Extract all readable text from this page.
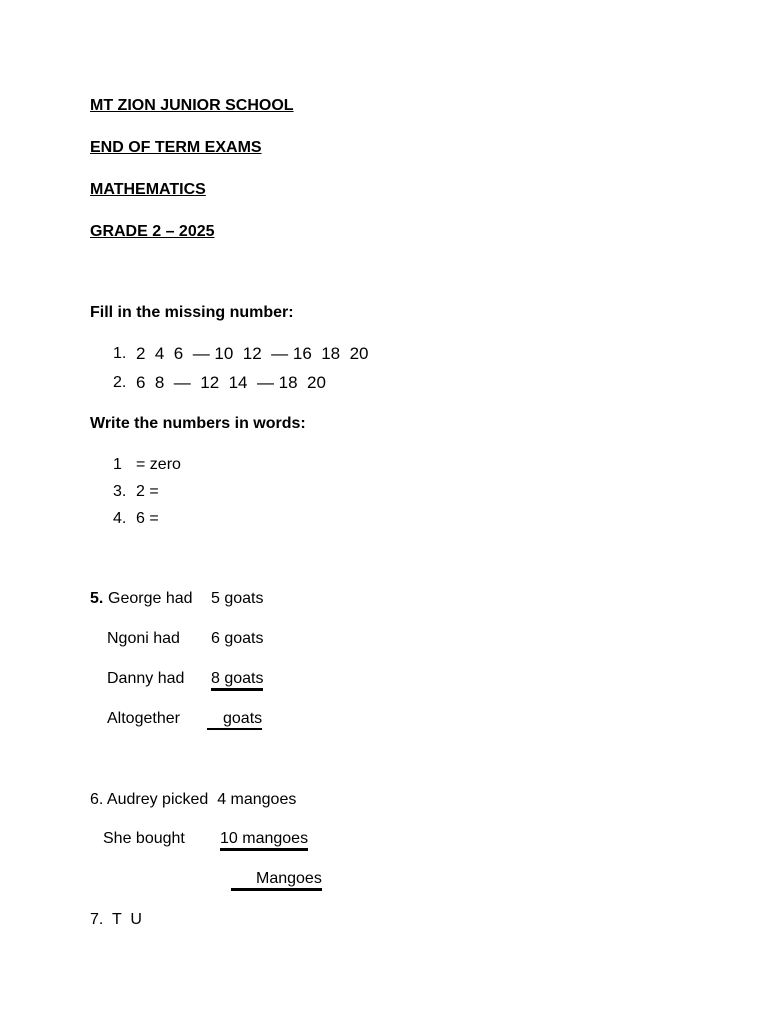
MT ZION JUNIOR SCHOOL
END OF TERM EXAMS
MATHEMATICS
GRADE 2 – 2025
Fill in the missing number:
1. 2  4  6  — 10  12  — 16  18  20
2. 6  8  —  12  14  — 18  20
Write the numbers in words:
1 = zero
3. 2 =
4. 6 =
5. George had 5 goats
Ngoni had 6 goats
Danny had 8 goats
Altogether	goats
6. Audrey picked  4 mangoes
She bought 10 mangoes
Mangoes
7.  T  U
